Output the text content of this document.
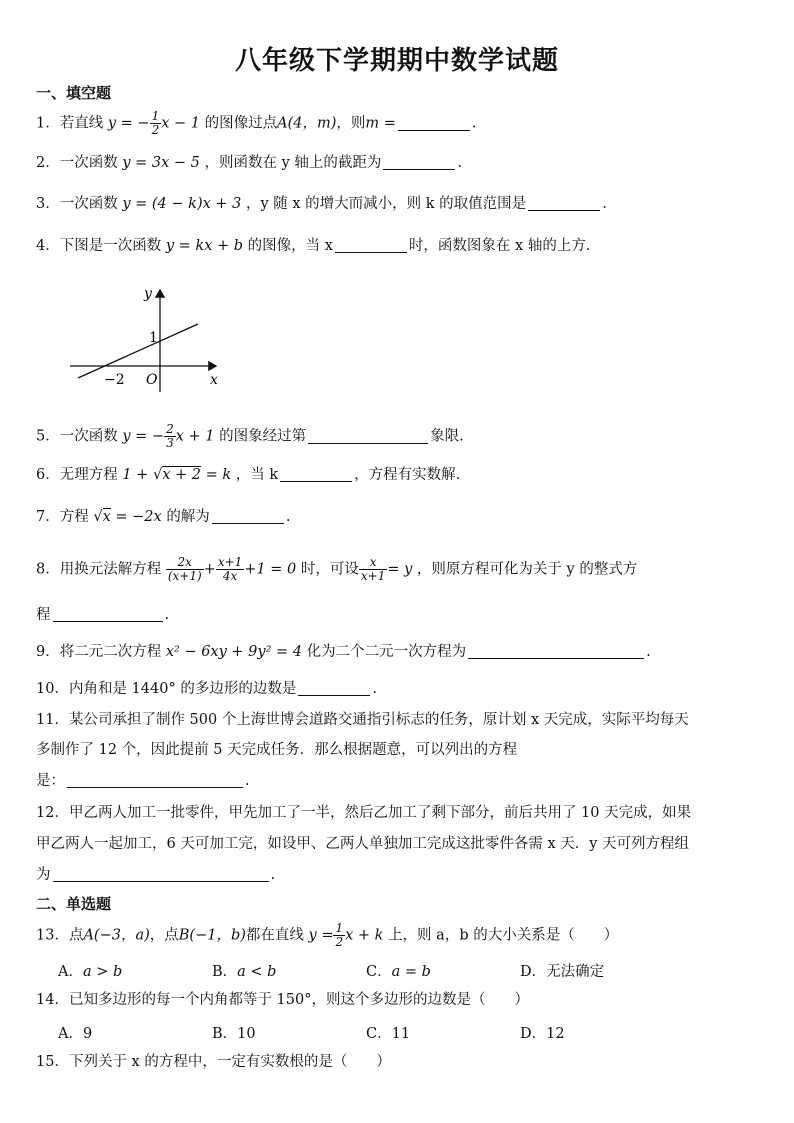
八年级下学期期中数学试题
一、填空题
1．若直线 y = − $\frac{1}{2}$ x − 1 的图像过点A(4，m)，则m =	.
2．一次函数 y = 3x − 5 ，则函数在 y 轴上的截距为	.
3．一次函数 y = (4 − k)x + 3 ，y 随 x 的增大而减小，则 k 的取值范围是	.
4．下图是一次函数 y = kx + b 的图像，当 x	时，函数图象在 x 轴的上方．
y
x
O
1
−2
5．一次函数 y = − $\frac{2}{3}$ x + 1 的图象经过第	象限.
6．无理方程 1 + √x + 2 = k ，当 k	，方程有实数解.
7．方程 √x = −2x 的解为	.
8．用换元法解方程 $\frac{2x}{(x+1)} + \frac{x+1}{4x} +1 = 0$ 时，可设 $\frac{x}{x+1} = y$ ，则原方程可化为关于 y 的整式方
程	.
9．将二元二次方程 x² − 6xy + 9y² = 4 化为二个二元一次方程为	.
10．内角和是 1440° 的多边形的边数是	.
11．某公司承担了制作 500 个上海世博会道路交通指引标志的任务，原计划 x 天完成，实际平均每天
多制作了 12 个，因此提前 5 天完成任务．那么根据题意，可以列出的方程
是：	.
12．甲乙两人加工一批零件，甲先加工了一半，然后乙加工了剩下部分，前后共用了 10 天完成，如果
甲乙两人一起加工，6 天可加工完，如设甲、乙两人单独加工完成这批零件各需 x 天．y 天可列方程组
为	.
二、单选题
13．点A(−3，a)，点B(−1，b)都在直线 $y = \frac{1}{2}$ x + k 上，则 a，b 的大小关系是（　　）
A．a > b	B．a < b	C．a = b	D．无法确定
14．已知多边形的每一个内角都等于 150°，则这个多边形的边数是（　　）
A．9	B．10	C．11	D．12
15．下列关于 x 的方程中，一定有实数根的是（　　）
